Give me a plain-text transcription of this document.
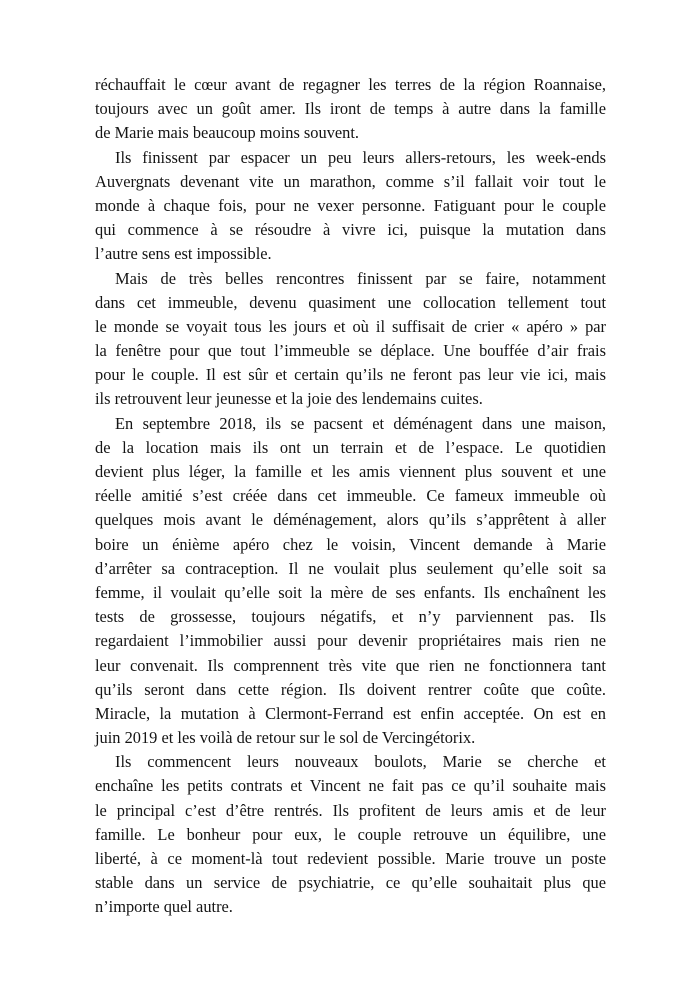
réchauffait le cœur avant de regagner les terres de la région Roannaise,
toujours avec un goût amer. Ils iront de temps à autre dans la famille
de Marie mais beaucoup moins souvent.
Ils finissent par espacer un peu leurs allers-retours, les week-ends
Auvergnats devenant vite un marathon, comme s’il fallait voir tout le
monde à chaque fois, pour ne vexer personne. Fatiguant pour le couple
qui commence à se résoudre à vivre ici, puisque la mutation dans
l’autre sens est impossible.
Mais de très belles rencontres finissent par se faire, notamment
dans cet immeuble, devenu quasiment une collocation tellement tout
le monde se voyait tous les jours et où il suffisait de crier « apéro » par
la fenêtre pour que tout l’immeuble se déplace. Une bouffée d’air frais
pour le couple. Il est sûr et certain qu’ils ne feront pas leur vie ici, mais
ils retrouvent leur jeunesse et la joie des lendemains cuites.
En septembre 2018, ils se pacsent et déménagent dans une maison,
de la location mais ils ont un terrain et de l’espace. Le quotidien
devient plus léger, la famille et les amis viennent plus souvent et une
réelle amitié s’est créée dans cet immeuble. Ce fameux immeuble où
quelques mois avant le déménagement, alors qu’ils s’apprêtent à aller
boire un énième apéro chez le voisin, Vincent demande à Marie
d’arrêter sa contraception. Il ne voulait plus seulement qu’elle soit sa
femme, il voulait qu’elle soit la mère de ses enfants. Ils enchaînent les
tests de grossesse, toujours négatifs, et n’y parviennent pas. Ils
regardaient l’immobilier aussi pour devenir propriétaires mais rien ne
leur convenait. Ils comprennent très vite que rien ne fonctionnera tant
qu’ils seront dans cette région. Ils doivent rentrer coûte que coûte.
Miracle, la mutation à Clermont-Ferrand est enfin acceptée. On est en
juin 2019 et les voilà de retour sur le sol de Vercingétorix.
Ils commencent leurs nouveaux boulots, Marie se cherche et
enchaîne les petits contrats et Vincent ne fait pas ce qu’il souhaite mais
le principal c’est d’être rentrés. Ils profitent de leurs amis et de leur
famille. Le bonheur pour eux, le couple retrouve un équilibre, une
liberté, à ce moment-là tout redevient possible. Marie trouve un poste
stable dans un service de psychiatrie, ce qu’elle souhaitait plus que
n’importe quel autre.
